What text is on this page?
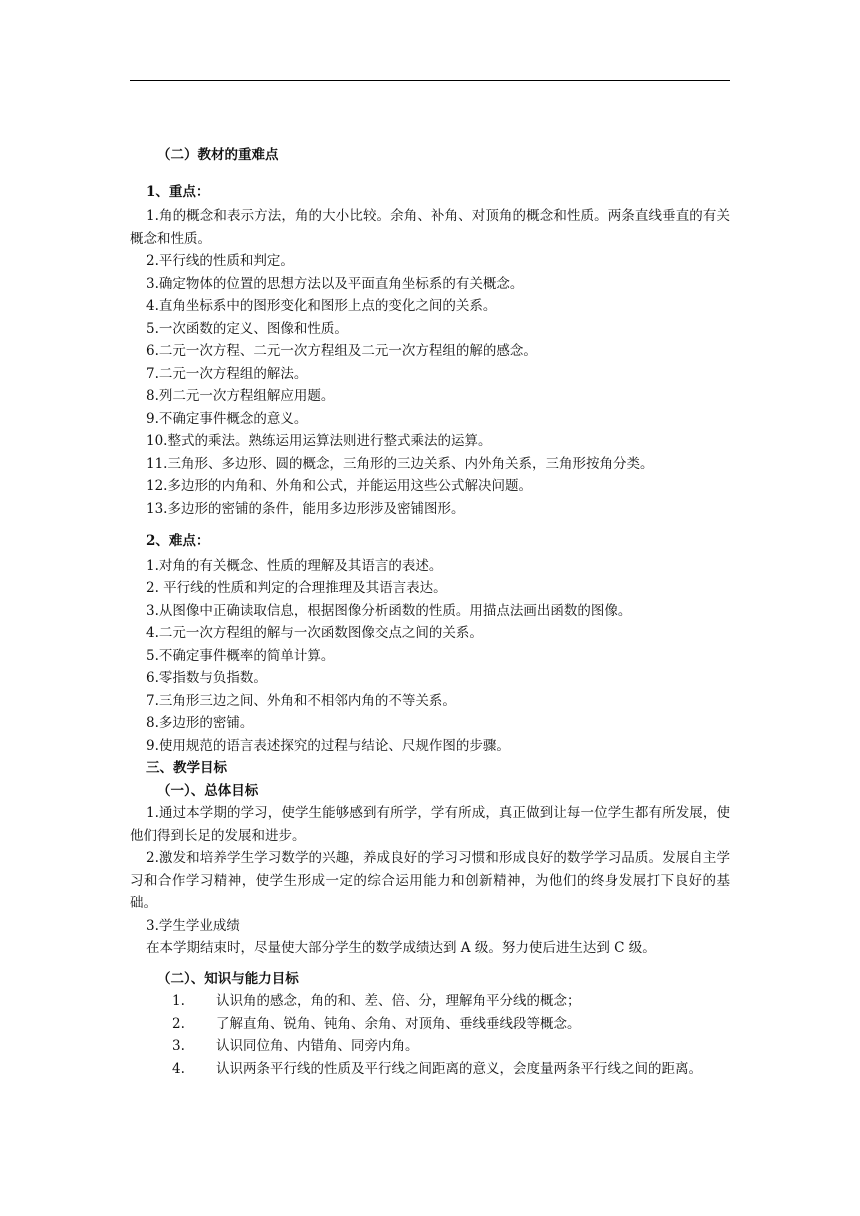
（二）教材的重难点

1、重点：

1.角的概念和表示方法，角的大小比较。余角、补角、对顶角的概念和性质。两条直线垂直的有关概念和性质。

2.平行线的性质和判定。

3.确定物体的位置的思想方法以及平面直角坐标系的有关概念。

4.直角坐标系中的图形变化和图形上点的变化之间的关系。

5.一次函数的定义、图像和性质。

6.二元一次方程、二元一次方程组及二元一次方程组的解的感念。

7.二元一次方程组的解法。

8.列二元一次方程组解应用题。

9.不确定事件概念的意义。

10.整式的乘法。熟练运用运算法则进行整式乘法的运算。

11.三角形、多边形、圆的概念，三角形的三边关系、内外角关系，三角形按角分类。

12.多边形的内角和、外角和公式，并能运用这些公式解决问题。

13.多边形的密铺的条件，能用多边形涉及密铺图形。

2、难点：

1.对角的有关概念、性质的理解及其语言的表述。

2. 平行线的性质和判定的合理推理及其语言表达。

3.从图像中正确读取信息，根据图像分析函数的性质。用描点法画出函数的图像。

4.二元一次方程组的解与一次函数图像交点之间的关系。

5.不确定事件概率的简单计算。

6.零指数与负指数。

7.三角形三边之间、外角和不相邻内角的不等关系。

8.多边形的密铺。

9.使用规范的语言表述探究的过程与结论、尺规作图的步骤。

三、教学目标

（一）、总体目标

1.通过本学期的学习，使学生能够感到有所学，学有所成，真正做到让每一位学生都有所发展，使他们得到长足的发展和进步。

2.激发和培养学生学习数学的兴趣，养成良好的学习习惯和形成良好的数学学习品质。发展自主学习和合作学习精神，使学生形成一定的综合运用能力和创新精神，为他们的终身发展打下良好的基础。

3.学生学业成绩

在本学期结束时，尽量使大部分学生的数学成绩达到 A 级。努力使后进生达到 C 级。

（二）、知识与能力目标

1.	认识角的感念，角的和、差、倍、分，理解角平分线的概念；
2.	了解直角、锐角、钝角、余角、对顶角、垂线垂线段等概念。
3.	认识同位角、内错角、同旁内角。

4. 认识两条平行线的性质及平行线之间距离的意义，会度量两条平行线之间的距离。
